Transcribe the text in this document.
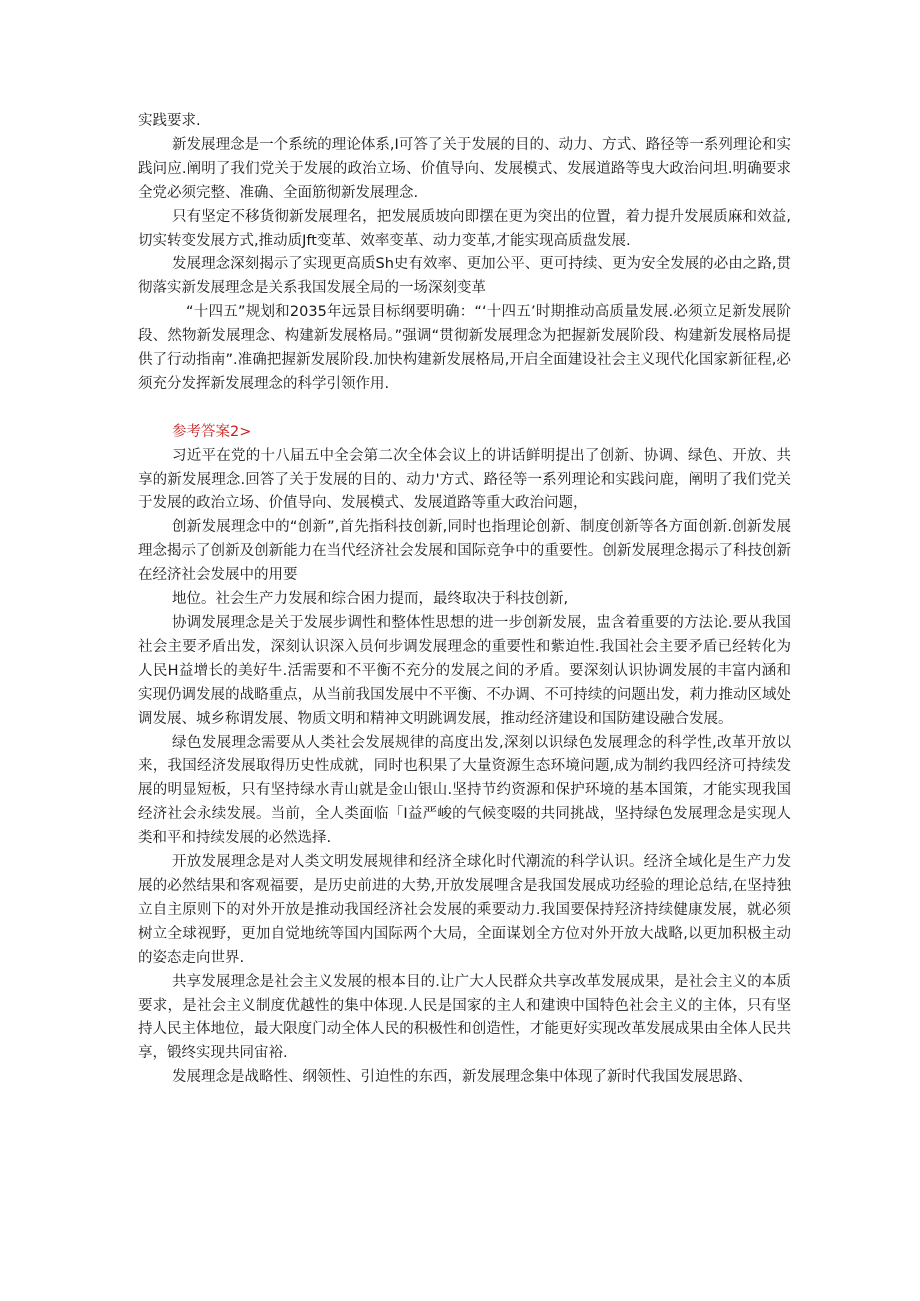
实践要求.

新发展理念是一个系统的理论体系,I可答了关于发展的目的、动力、方式、路径等一系列理论和实践问应.阐明了我们党关于发展的政治立场、价值导向、发展模式、发展道路等曳大政治问坦.明确要求全党必须完整、准确、全面筋彻新发展理念.

只有坚定不移货彻新发展理名，把发展质坡向即摆在更为突出的位置，着力提升发展质麻和效益,切实转变发展方式,推动质Jft变革、效率变革、动力变革,才能实现高质盘发展.

发展理念深刻揭示了实现更高质Sh史有效率、更加公平、更可持续、更为安全发展的必由之路,贯彻落实新发展理念是关系我国发展全局的一场深刻变革

“十四五”规划和2035年远景目标纲要明确：“‘十四五’时期推动高质量发展.必须立足新发展阶段、然物新发展理念、构建新发展格局。”强调“贯彻新发展理念为把握新发展阶段、构建新发展格局提供了行动指南”.准确把握新发展阶段.加快构建新发展格局,开启全面建设社会主义现代化国家新征程,必须充分发挥新发展理念的科学引领作用.

参考答案2>

习近平在党的十八届五中全会第二次全体会议上的讲话鲜明提出了创新、协调、绿色、开放、共享的新发展理念.回答了关于发展的目的、动力'方式、路径等一系列理论和实践问鹿，阐明了我们党关于发展的政治立场、价值导向、发展模式、发展道路等重大政治问题，

创新发展理念中的“创新”,首先指科技创新,同时也指理论创新、制度创新等各方面创新.创新发展理念揭示了创新及创新能力在当代经济社会发展和国际竞争中的重要性。创新发展理念揭示了科技创新在经济社会发展中的用要

地位。社会生产力发展和综合困力提而，最终取决于科技创新,

协调发展理念是关于发展步调性和整体性思想的进一步创新发展，盅含着重要的方法论.要从我国社会主要矛盾出发，深刻认识深入员何步调发展理念的重要性和紫迫性.我国社会主要矛盾已经转化为人民H益增长的美好牛.活需要和不平衡不充分的发展之间的矛盾。要深刻认识协调发展的丰富内涵和实现仍调发展的战略重点，从当前我国发展中不平衡、不办调、不可持续的问题出发，莉力推动区域处调发展、城乡称谓发展、物质文明和精神文明跳调发展，推动经济建设和国防建设融合发展。

绿色发展理念需要从人类社会发展规律的高度出发,深刻以识绿色发展理念的科学性,改革开放以来，我国经济发展取得历史性成就，同时也积果了大量资源生态环境问题,成为制约我四经济可持续发展的明显短板，只有坚持绿水青山就是金山银山.坚持节约资源和保护环境的基本国策，才能实现我国经济社会永续发展。当前，全人类面临「I益严峻的气候变啜的共同挑战，坚持绿色发展理念是实现人类和平和持续发展的必然选择.

开放发展理念是对人类文明发展规律和经济全球化时代潮流的科学认识。经济全域化是生产力发展的必然结果和客观福要，是历史前进的大势,开放发展哩含是我国发展成功经验的理论总结,在坚持独立自主原则下的对外开放是推动我国经济社会发展的乘要动力.我国要保持羟济持续健康发展，就必须树立全球视野，更加自觉地统等国内国际两个大局，全面谋划全方位对外开放大战略,以更加积极主动的姿态走向世界.

共享发展理念是社会主义发展的根本目的.让广大人民群众共享改革发展成果，是社会主义的本质要求，是社会主义制度优越性的集中体现.人民是国家的主人和建谀中国特色社会主义的主体，只有坚持人民主体地位，最大限度门动全体人民的积极性和创造性，才能更好实现改革发展成果由全体人民共享，锻终实现共同宙裕.

发展理念是战略性、纲领性、引迫性的东西，新发展理念集中体现了新时代我国发展思路、
